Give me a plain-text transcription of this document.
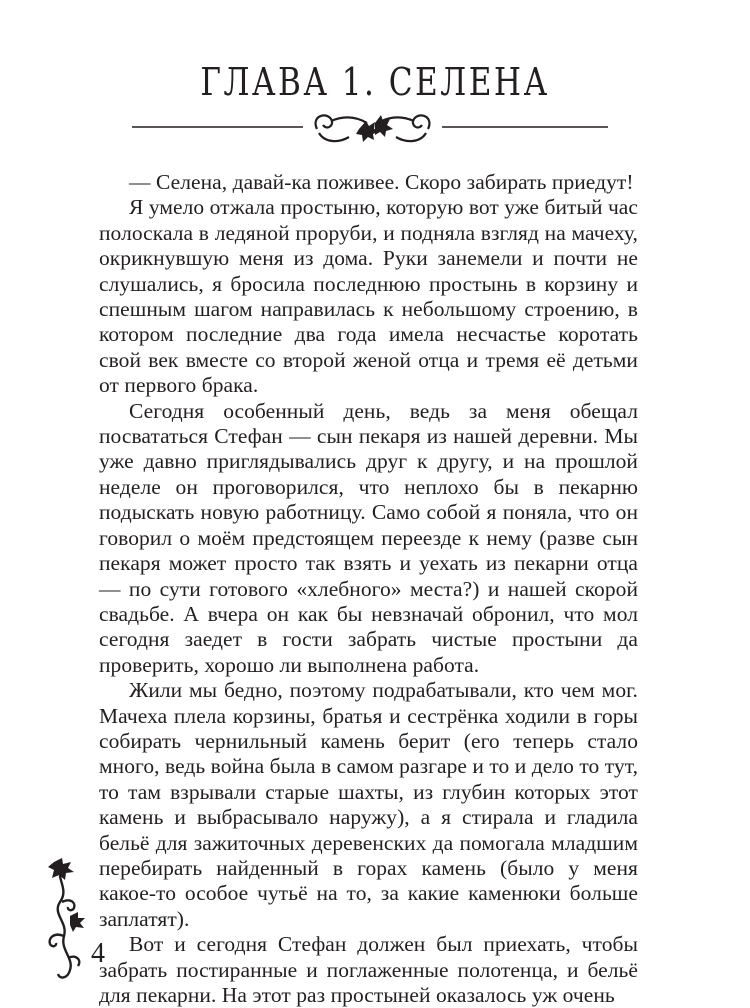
ГЛАВА 1. СЕЛЕНА

— Селена, давай-ка поживее. Скоро забирать приедут!

Я умело отжала простыню, которую вот уже битый час полоскала в ледяной проруби, и подняла взгляд на мачеху, окрикнувшую меня из дома. Руки занемели и почти не слушались, я бросила последнюю простынь в корзину и спешным шагом направилась к небольшому строению, в котором последние два года имела несчастье коротать свой век вместе со второй женой отца и тремя её детьми от первого брака.

Сегодня особенный день, ведь за меня обещал посвататься Стефан — сын пекаря из нашей деревни. Мы уже давно приглядывались друг к другу, и на прошлой неделе он проговорился, что неплохо бы в пекарню подыскать новую работницу. Само собой я поняла, что он говорил о моём предстоящем переезде к нему (разве сын пекаря может просто так взять и уехать из пекарни отца — по сути готового «хлебного» места?) и нашей скорой свадьбе. А вчера он как бы невзначай обронил, что мол сегодня заедет в гости забрать чистые простыни да проверить, хорошо ли выполнена работа.

Жили мы бедно, поэтому подрабатывали, кто чем мог. Мачеха плела корзины, братья и сестрёнка ходили в горы собирать чернильный камень берит (его теперь стало много, ведь война была в самом разгаре и то и дело то тут, то там взрывали старые шахты, из глубин которых этот камень и выбрасывало наружу), а я стирала и гладила бельё для зажиточных деревенских да помогала младшим перебирать найденный в горах камень (было у меня какое-то особое чутьё на то, за какие каменюки больше заплатят).

Вот и сегодня Стефан должен был приехать, чтобы забрать постиранные и поглаженные полотенца, и бельё для пекарни. На этот раз простыней оказалось уж очень

4
